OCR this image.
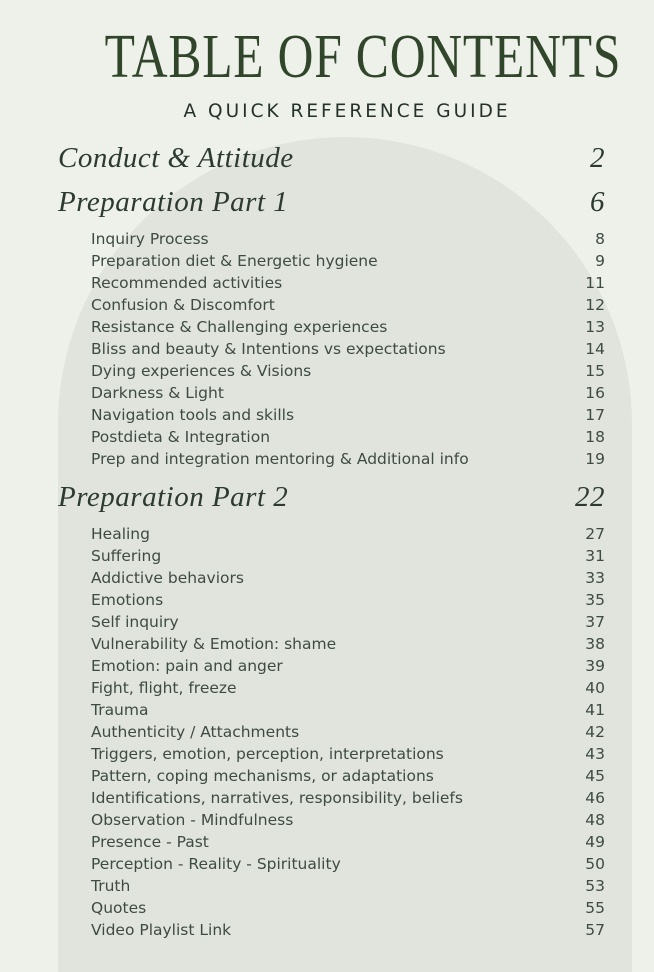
TABLE OF CONTENTS
A QUICK REFERENCE GUIDE
Conduct & Attitude	2
Preparation Part 1	6
Inquiry Process	8
Preparation diet & Energetic hygiene	9
Recommended activities	11
Confusion & Discomfort	12
Resistance & Challenging experiences	13
Bliss and beauty & Intentions vs expectations	14
Dying experiences & Visions	15
Darkness & Light	16
Navigation tools and skills	17
Postdieta & Integration	18
Prep and integration mentoring & Additional info	19
Preparation Part 2	22
Healing	27
Suffering	31
Addictive behaviors	33
Emotions	35
Self inquiry	37
Vulnerability & Emotion: shame	38
Emotion: pain and anger	39
Fight, flight, freeze	40
Trauma	41
Authenticity / Attachments	42
Triggers, emotion, perception, interpretations	43
Pattern, coping mechanisms, or adaptations	45
Identifications, narratives, responsibility, beliefs	46
Observation - Mindfulness	48
Presence - Past	49
Perception - Reality - Spirituality	50
Truth	53
Quotes	55
Video Playlist Link	57
